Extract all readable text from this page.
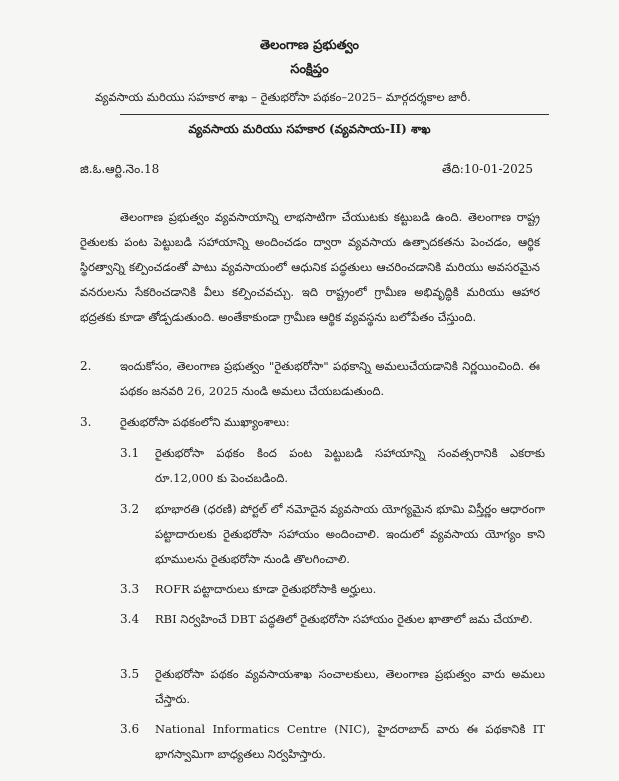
తెలంగాణ ప్రభుత్వం
సంక్షిప్తం
వ్యవసాయ మరియు సహకార శాఖ – రైతుభరోసా పథకం–2025– మార్గదర్శకాల జారీ.
వ్యవసాయ మరియు సహకార (వ్యవసాయ-II) శాఖ
జి.ఓ.ఆర్టి.నెం.18	తేది:10-01-2025
తెలంగాణ ప్రభుత్వం వ్యవసాయాన్ని లాభసాటిగా చేయుటకు కట్టుబడి ఉంది. తెలంగాణ రాష్ట్ర రైతులకు పంట పెట్టుబడి సహాయాన్ని అందించడం ద్వారా వ్యవసాయ ఉత్పాదకతను పెంచడం, ఆర్థిక స్థిరత్వాన్ని కల్పించడంతో పాటు వ్యవసాయంలో ఆధునిక పద్ధతులు ఆచరించడానికి మరియు అవసరమైన వనరులను సేకరించడానికి వీలు కల్పించవచ్చు. ఇది రాష్ట్రంలో గ్రామీణ అభివృద్ధికి మరియు ఆహార భద్రతకు కూడా తోడ్పడుతుంది. అంతేకాకుండా గ్రామీణ ఆర్థిక వ్యవస్థను బలోపేతం చేస్తుంది.
2. ఇందుకోసం, తెలంగాణ ప్రభుత్వం "రైతుభరోసా" పథకాన్ని అమలుచేయడానికి నిర్ణయించింది. ఈ పథకం జనవరి 26, 2025 నుండి అమలు చేయబడుతుంది.
3. రైతుభరోసా పథకంలోని ముఖ్యాంశాలు:
3.1 రైతుభరోసా పథకం కింద పంట పెట్టుబడి సహాయాన్ని సంవత్సరానికి ఎకరాకు రూ.12,000 కు పెంచబడింది.
3.2 భూభారతి (ధరణి) పోర్టల్ లో నమోదైన వ్యవసాయ యోగ్యమైన భూమి విస్తీర్ణం ఆధారంగా పట్టాదారులకు రైతుభరోసా సహాయం అందించాలి. ఇందులో వ్యవసాయ యోగ్యం కాని భూములను రైతుభరోసా నుండి తొలగించాలి.
3.3 ROFR పట్టాదారులు కూడా రైతుభరోసాకి అర్హులు.
3.4 RBI నిర్వహించే DBT పద్ధతిలో రైతుభరోసా సహాయం రైతుల ఖాతాలో జమ చేయాలి.
3.5 రైతుభరోసా పథకం వ్యవసాయశాఖ సంచాలకులు, తెలంగాణ ప్రభుత్వం వారు అమలు చేస్తారు.
3.6 National Informatics Centre (NIC), హైదరాబాద్ వారు ఈ పథకానికి IT భాగస్వామిగా బాధ్యతలు నిర్వహిస్తారు.
